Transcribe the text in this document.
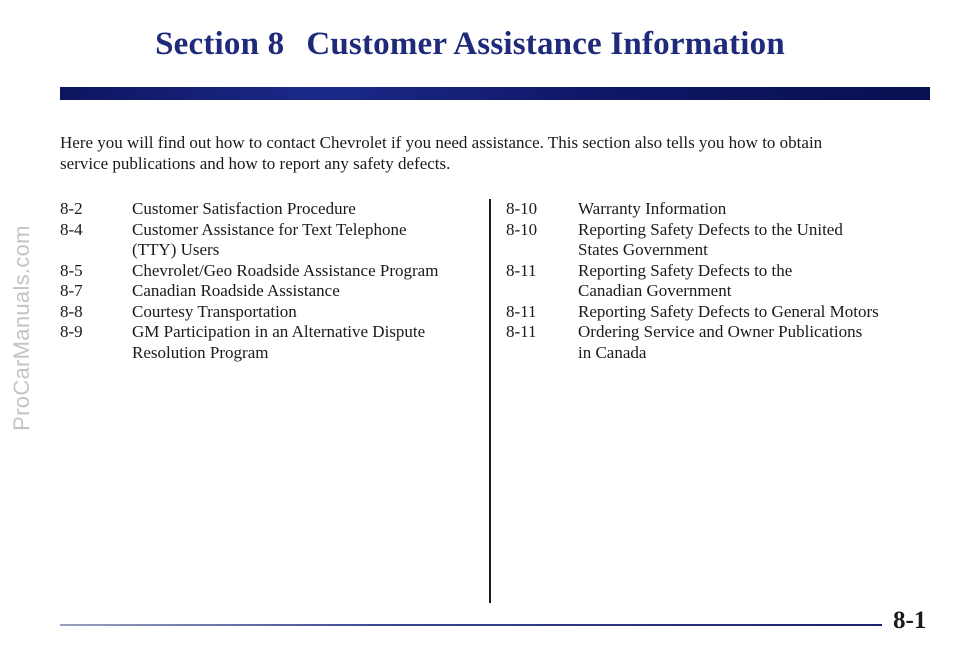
ProCarManuals.com
Section 8 Customer Assistance Information
Here you will find out how to contact Chevrolet if you need assistance. This section also tells you how to obtain
service publications and how to report any safety defects.
8-2	Customer Satisfaction Procedure
8-4	Customer Assistance for Text Telephone
(TTY) Users
8-5	Chevrolet/Geo Roadside Assistance Program
8-7	Canadian Roadside Assistance
8-8	Courtesy Transportation
8-9	GM Participation in an Alternative Dispute
Resolution Program
8-10	Warranty Information
8-10	Reporting Safety Defects to the United
States Government
8-11	Reporting Safety Defects to the
Canadian Government
8-11	Reporting Safety Defects to General Motors
8-11	Ordering Service and Owner Publications
in Canada
8-1
